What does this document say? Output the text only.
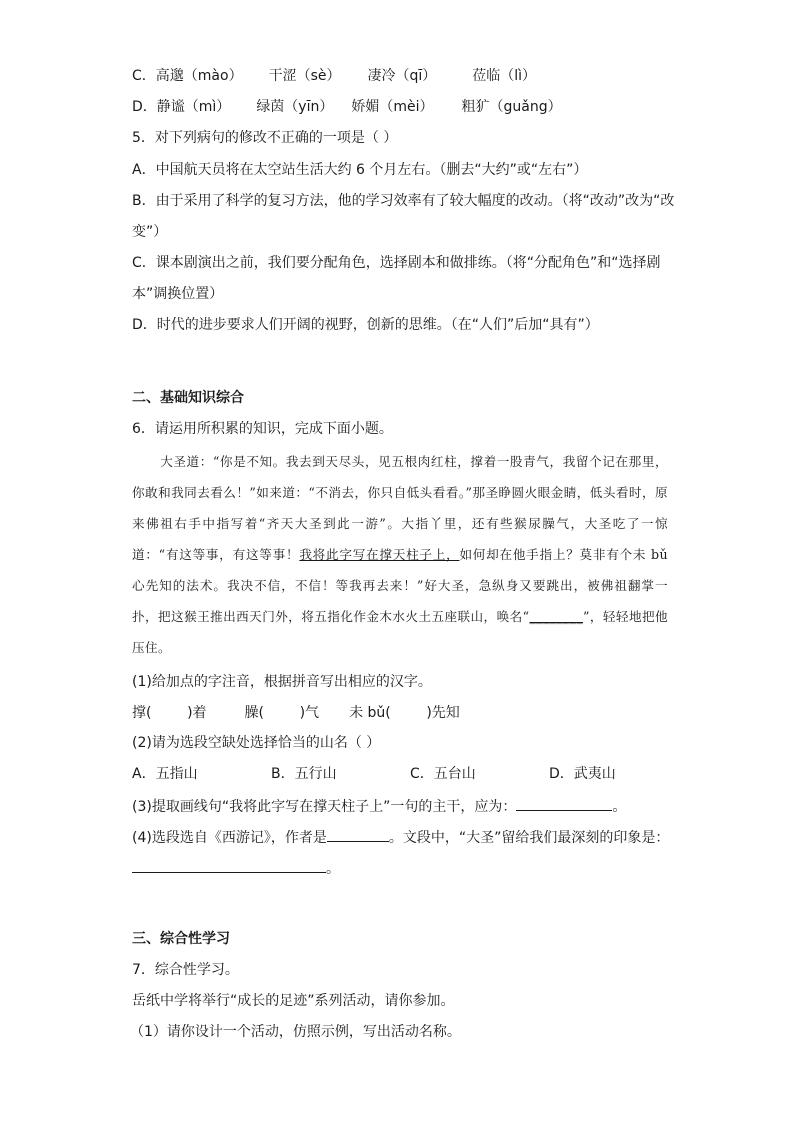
C．高邈（mào） 干涩（sè） 凄冷（qī）	莅临（lì）
D．静谧（mì） 绿茵（yīn） 娇媚（mèi） 粗犷（guǎng）
5．对下列病句的修改不正确的一项是（ ）
A．中国航天员将在太空站生活大约 6 个月左右。（删去“大约”或“左右”）
B．由于采用了科学的复习方法，他的学习效率有了较大幅度的改动。（将“改动”改为“改
变”）
C．课本剧演出之前，我们要分配角色，选择剧本和做排练。（将“分配角色”和“选择剧
本”调换位置）
D．时代的进步要求人们开阔的视野，创新的思维。（在“人们”后加“具有”）
二、基础知识综合
6．请运用所积累的知识，完成下面小题。
大圣道：“你是不知。我去到天尽头，见五根肉红柱，撑着一股青气，我留个记在那里，你敢和我同去看么！”如来道：“不消去，你只自低头看看。”那圣睁圆火眼金睛，低头看时，原来佛祖右手中指写着“齐天大圣到此一游”。大指丫里，还有些猴尿臊气，大圣吃了一惊道：“有这等事，有这等事！我将此字写在撑天柱子上，如何却在他手指上？莫非有个未 bǔ 心先知的法术。我决不信，不信！等我再去来！”好大圣，急纵身又要跳出，被佛祖翻掌一扑，把这猴王推出西天门外，将五指化作金木水火土五座联山，唤名“________”，轻轻地把他压住。
(1)给加点的字注音，根据拼音写出相应的汉字。
撑(        )着	臊(        )气 未 bǔ(        )先知
(2)请为选段空缺处选择恰当的山名（ ）
A．五指山	B．五行山	C．五台山	D．武夷山
(3)提取画线句“我将此字写在撑天柱子上”一句的主干，应为：	。
(4)选段选自《西游记》，作者是	。文段中，“大圣”留给我们最深刻的印象是：
。
三、综合性学习
7．综合性学习。
岳纸中学将举行“成长的足迹”系列活动，请你参加。
（1）请你设计一个活动，仿照示例，写出活动名称。
